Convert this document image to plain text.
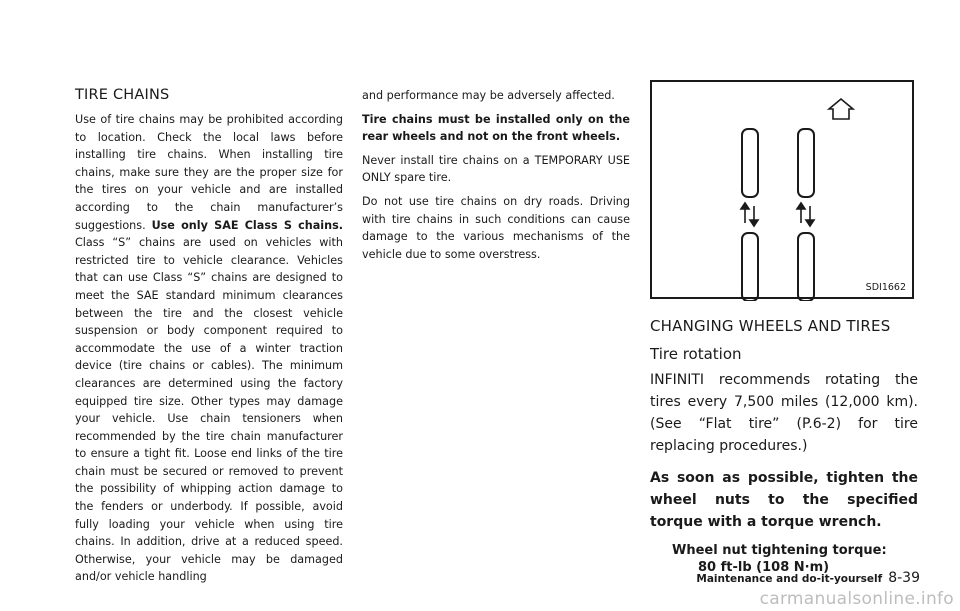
TIRE CHAINS

Use of tire chains may be prohibited according to location. Check the local laws before installing tire chains. When installing tire chains, make sure they are the proper size for the tires on your vehicle and are installed according to the chain manufacturer’s suggestions. Use only SAE Class S chains. Class “S” chains are used on vehicles with restricted tire to vehicle clearance. Vehicles that can use Class “S” chains are designed to meet the SAE standard minimum clearances between the tire and the closest vehicle suspension or body component required to accommodate the use of a winter traction device (tire chains or cables). The minimum clearances are determined using the factory equipped tire size. Other types may damage your vehicle. Use chain tensioners when recommended by the tire chain manufacturer to ensure a tight fit. Loose end links of the tire chain must be secured or removed to prevent the possibility of whipping action damage to the fenders or underbody. If possible, avoid fully loading your vehicle when using tire chains. In addition, drive at a reduced speed. Otherwise, your vehicle may be damaged and/or vehicle handling

and performance may be adversely affected.

Tire chains must be installed only on the rear wheels and not on the front wheels.

Never install tire chains on a TEMPORARY USE ONLY spare tire.

Do not use tire chains on dry roads. Driving with tire chains in such conditions can cause damage to the various mechanisms of the vehicle due to some overstress.

SDI1662
CHANGING WHEELS AND TIRES
Tire rotation

INFINITI recommends rotating the tires every 7,500 miles (12,000 km). (See “Flat tire” (P.6-2) for tire replacing procedures.)

As soon as possible, tighten the wheel nuts to the specified torque with a torque wrench.

Wheel nut tightening torque:

80 ft-lb (108 N·m)

Maintenance and do-it-yourself 8-39
carmanualsonline.info
